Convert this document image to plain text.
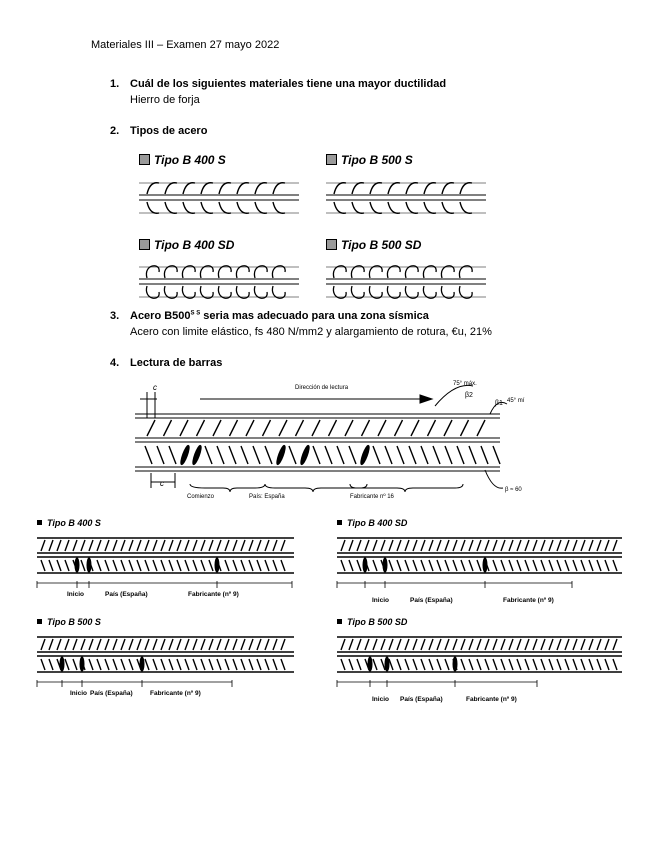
Materiales III – Examen 27 mayo 2022
1. Cuál de los siguientes materiales tiene una mayor ductilidad
Hierro de forja
2. Tipos de acero
Tipo B 400 S	Tipo B 500 S
Tipo B 400 SD	Tipo B 500 SD
3. Acero $B500^{S S}$ seria mas adecuado para una zona sísmica
Acero con limite elástico, fs 480 N/mm2 y alargamiento de rotura, €u, 21%
4. Lectura de barras
c
c
Dirección de lectura
75° máx.
β2
β1 45° mí
β ≈ 60
Comienzo	País: España	Fabricante nº 16
Tipo B 400 S	Tipo B 400 SD
Tipo B 500 S	Tipo B 500 SD
Inicio	País (España)	Fabricante (nº 9)
Inicio	País (España)	Fabricante (nº 9)
Inicio País (España)	Fabricante (nº 9)
Inicio País (España)	Fabricante (nº 9)
